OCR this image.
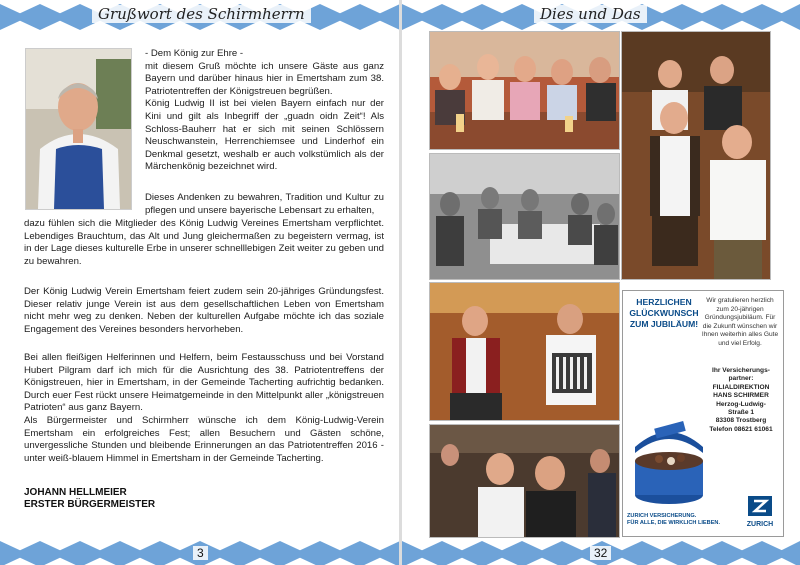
Grußwort des Schirmherrn

- Dem König zur Ehre -

mit diesem Gruß möchte ich unsere Gäste aus ganz Bayern und darüber hinaus hier in Emertsham zum 38. Patriotentreffen der Königstreuen begrüßen.

König Ludwig II ist bei vielen Bayern einfach nur der Kini und gilt als Inbegriff der „guadn oidn Zeit“! Als Schloss-Bauherr hat er sich mit seinen Schlössern Neuschwanstein, Herrenchiemsee und Linderhof ein Denkmal gesetzt, weshalb er auch volkstümlich als der Märchenkönig bezeichnet wird.

Dieses Andenken zu bewahren, Tradition und Kultur zu pflegen und unsere bayerische Lebensart zu erhalten,
dazu fühlen sich die Mitglieder des König Ludwig Vereines Emertsham verpflichtet. Lebendiges Brauchtum, das Alt und Jung gleichermaßen zu begeistern vermag, ist in der Lage dieses kulturelle Erbe in unserer schnelllebigen Zeit weiter zu geben und zu bewahren.
Der König Ludwig Verein Emertsham feiert zudem sein 20-jähriges Gründungsfest. Dieser relativ junge Verein ist aus dem gesellschaftlichen Leben von Emertsham nicht mehr weg zu denken. Neben der kulturellen Aufgabe möchte ich das soziale Engagement des Vereines besonders hervorheben.

Bei allen fleißigen Helferinnen und Helfern, beim Festausschuss und bei Vorstand Hubert Pilgram darf ich mich für die Ausrichtung des 38. Patriotentreffens der Königstreuen, hier in Emertsham, in der Gemeinde Tacherting aufrichtig bedanken. Durch euer Fest rückt unsere Heimatgemeinde in den Mittelpunkt aller „königstreuen Patrioten“ aus ganz Bayern.

Als Bürgermeister und Schirmherr wünsche ich dem König-Ludwig-Verein Emertsham ein erfolgreiches Fest; allen Besuchern und Gästen schöne, unvergessliche Stunden und bleibende Erinnerungen an das Patriotentreffen 2016 - unter weiß-blauem Himmel in Emertsham in der Gemeinde Tacherting.

JOHANN HELLMEIER
ERSTER BÜRGERMEISTER
3
Dies und Das
HERZLICHEN
GLÜCKWUNSCH
ZUM JUBILÄUM!
Wir gratulieren herzlich zum 20-jährigen Gründungsjubiläum. Für die Zukunft wünschen wir Ihnen weiterhin alles Gute und viel Erfolg.
Ihr Versicherungs-
partner:
FILIALDIREKTION
HANS SCHIRMER
Herzog-Ludwig-
Straße 1
83308 Trostberg
Telefon 08621 61061
ZURICH VERSICHERUNG.
FÜR ALLE, DIE WIRKLICH LIEBEN.	ZURICH
32
